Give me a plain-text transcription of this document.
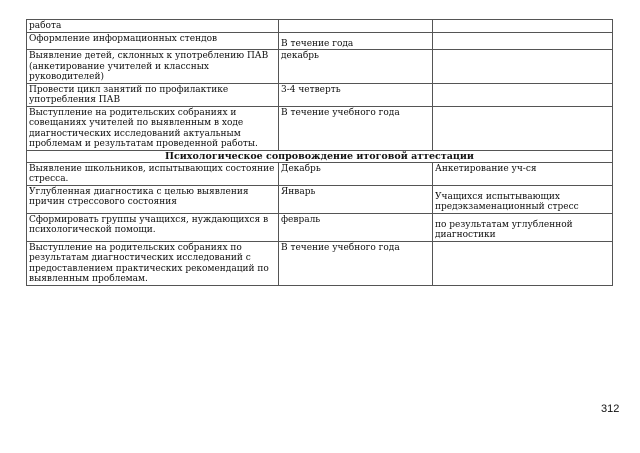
работа		
Оформление информационных стендов	В течение года	
Выявление детей, склонных к употреблению ПАВ (анкетирование учителей и классных руководителей)	декабрь	
Провести цикл занятий по профилактике употребления ПАВ	3-4 четверть	
Выступление на родительских собраниях и совещаниях учителей по выявленным в ходе диагностических исследований актуальным проблемам и результатам проведенной работы.	В течение учебного года	
Психологическое сопровождение итоговой аттестации		
Выявление школьников, испытывающих состояние стресса.	Декабрь	Анкетирование уч-ся
Углубленная диагностика с целью выявления причин стрессового состояния	Январь	Учащихся испытывающих предэкзаменационный стресс
Сформировать группы учащихся, нуждающихся в психологической помощи.	февраль	по результатам углубленной диагностики
Выступление на родительских собраниях по результатам диагностических исследований с предоставлением практических рекомендаций по выявленным проблемам.	В течение учебного года	
312
